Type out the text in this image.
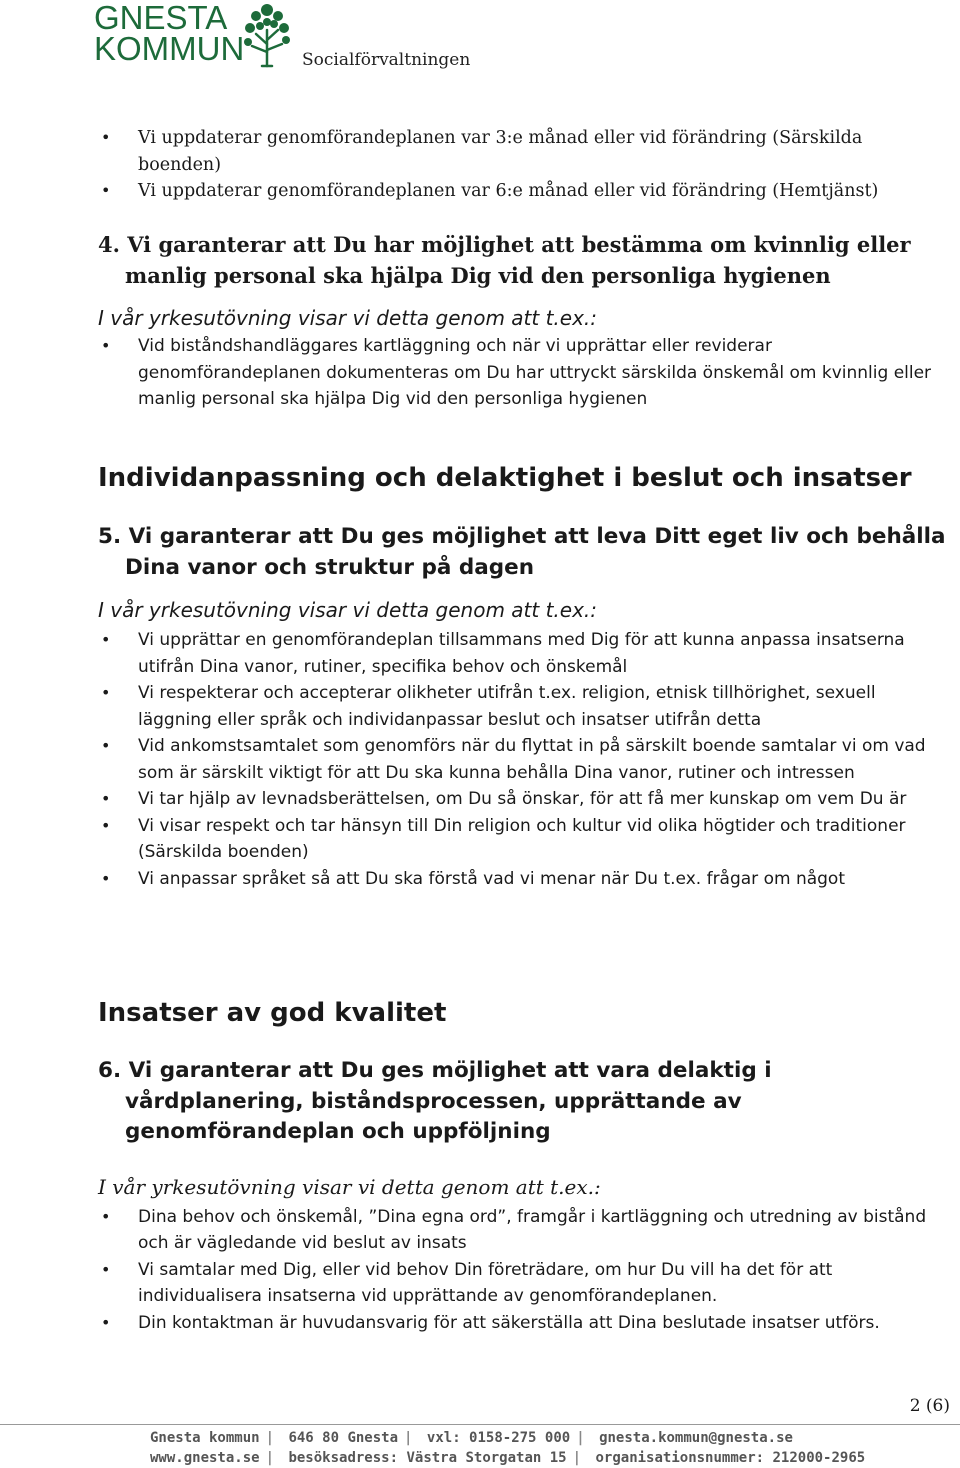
GNESTA
KOMMUN	Socialförvaltningen
• Vi uppdaterar genomförandeplanen var 3:e månad eller vid förändring (Särskilda boenden)
• Vi uppdaterar genomförandeplanen var 6:e månad eller vid förändring (Hemtjänst)
4. Vi garanterar att Du har möjlighet att bestämma om kvinnlig eller manlig personal ska hjälpa Dig vid den personliga hygienen
I vår yrkesutövning visar vi detta genom att t.ex.:
• Vid biståndshandläggares kartläggning och när vi upprättar eller reviderar genomförandeplanen dokumenteras om Du har uttryckt särskilda önskemål om kvinnlig eller manlig personal ska hjälpa Dig vid den personliga hygienen
Individanpassning och delaktighet i beslut och insatser
5. Vi garanterar att Du ges möjlighet att leva Ditt eget liv och behålla Dina vanor och struktur på dagen
I vår yrkesutövning visar vi detta genom att t.ex.:
• Vi upprättar en genomförandeplan tillsammans med Dig för att kunna anpassa insatserna utifrån Dina vanor, rutiner, specifika behov och önskemål
• Vi respekterar och accepterar olikheter utifrån t.ex. religion, etnisk tillhörighet, sexuell läggning eller språk och individanpassar beslut och insatser utifrån detta
• Vid ankomstsamtalet som genomförs när du flyttat in på särskilt boende samtalar vi om vad som är särskilt viktigt för att Du ska kunna behålla Dina vanor, rutiner och intressen
• Vi tar hjälp av levnadsberättelsen, om Du så önskar, för att få mer kunskap om vem Du är
• Vi visar respekt och tar hänsyn till Din religion och kultur vid olika högtider och traditioner (Särskilda boenden)
• Vi anpassar språket så att Du ska förstå vad vi menar när Du t.ex. frågar om något
Insatser av god kvalitet
6. Vi garanterar att Du ges möjlighet att vara delaktig i vårdplanering, biståndsprocessen, upprättande av genomförandeplan och uppföljning
I vår yrkesutövning visar vi detta genom att t.ex.:
• Dina behov och önskemål, ”Dina egna ord”, framgår i kartläggning och utredning av bistånd och är vägledande vid beslut av insats
• Vi samtalar med Dig, eller vid behov Din företrädare, om hur Du vill ha det för att individualisera insatserna vid upprättande av genomförandeplanen.
• Din kontaktman är huvudansvarig för att säkerställa att Dina beslutade insatser utförs.
2 (6)
Gnesta kommun | 646 80 Gnesta | vxl: 0158-275 000 | gnesta.kommun@gnesta.se
www.gnesta.se | besöksadress: Västra Storgatan 15 | organisationsnummer: 212000-2965
